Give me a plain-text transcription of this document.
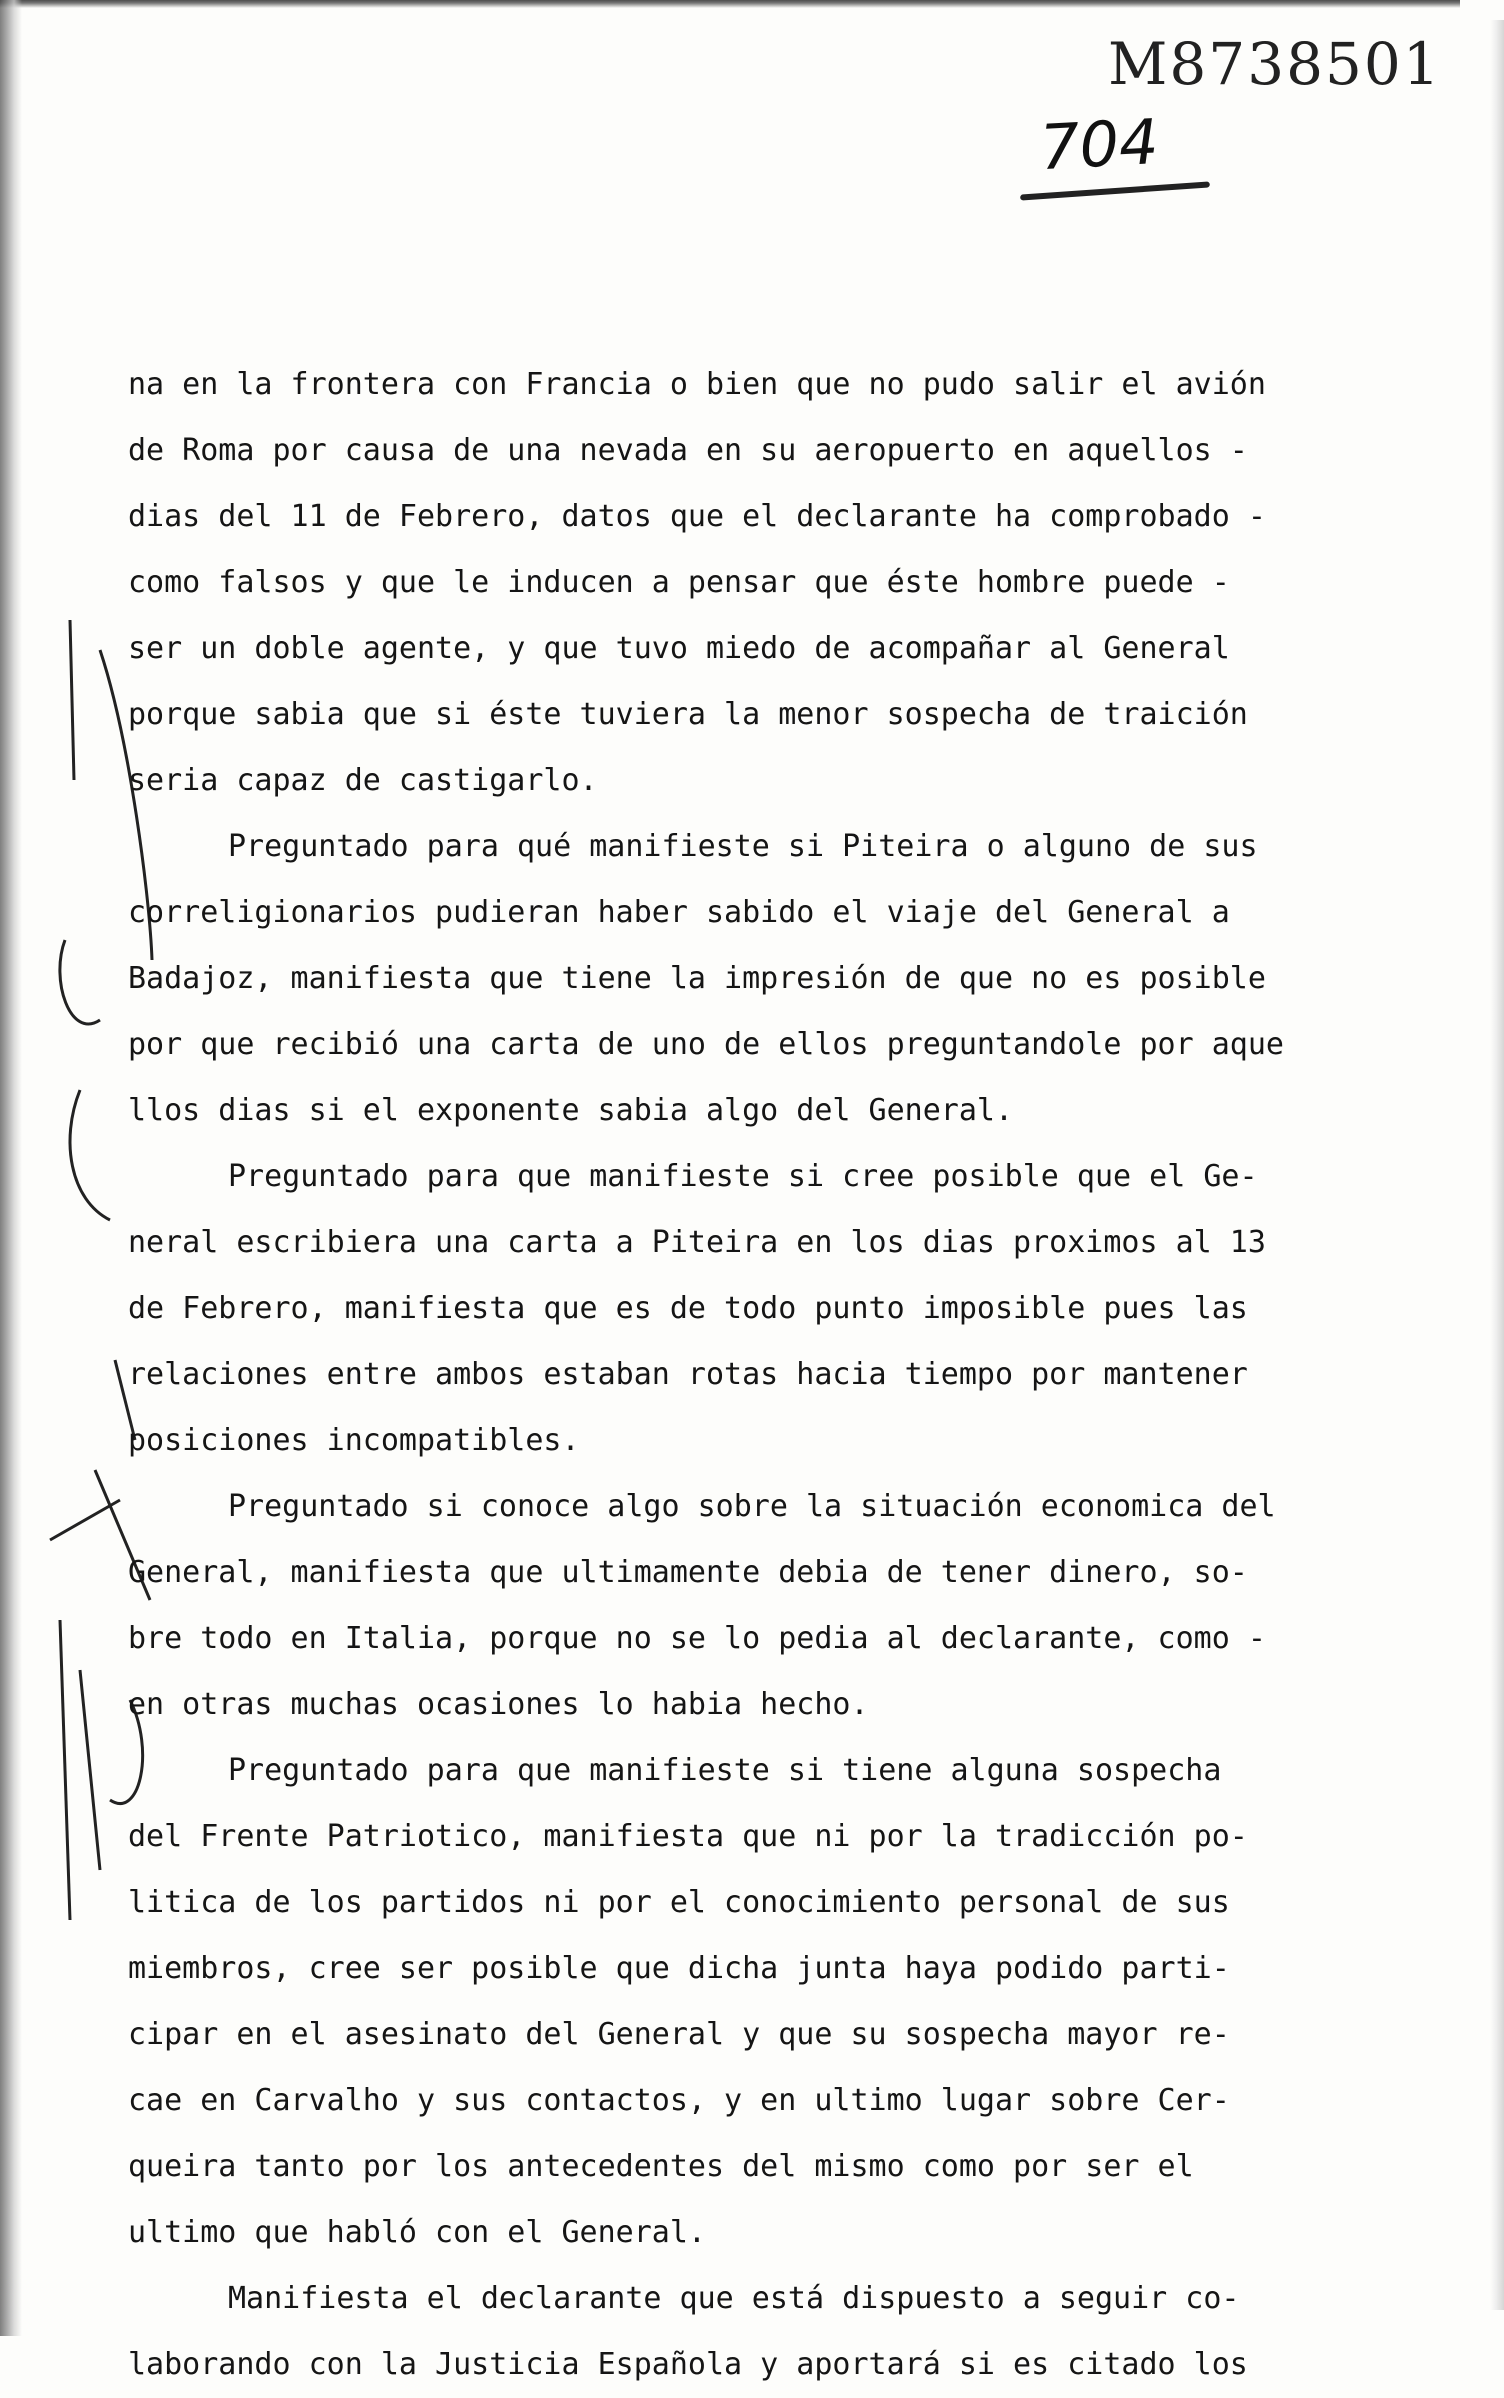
M8738501
704
na en la frontera con Francia o bien que no pudo salir el avión
de Roma por causa de una nevada en su aeropuerto en aquellos -
dias del 11 de Febrero, datos que el declarante ha comprobado -
como falsos y que le inducen a pensar que éste hombre puede -
ser un doble agente, y que tuvo miedo de acompañar al General
porque sabia que si éste tuviera la menor sospecha de traición
seria capaz de castigarlo.
Preguntado para qué manifieste si Piteira o alguno de sus
correligionarios pudieran haber sabido el viaje del General a
Badajoz, manifiesta que tiene la impresión de que no es posible
por que recibió una carta de uno de ellos preguntandole por aque
llos dias si el exponente sabia algo del General.
Preguntado para que manifieste si cree posible que el Ge-
neral escribiera una carta a Piteira en los dias proximos al 13
de Febrero, manifiesta que es de todo punto imposible pues las
relaciones entre ambos estaban rotas hacia tiempo por mantener
posiciones incompatibles.
Preguntado si conoce algo sobre la situación economica del
General, manifiesta que ultimamente debia de tener dinero, so-
bre todo en Italia, porque no se lo pedia al declarante, como -
en otras muchas ocasiones lo habia hecho.
Preguntado para que manifieste si tiene alguna sospecha
del Frente Patriotico, manifiesta que ni por la tradicción po-
litica de los partidos ni por el conocimiento personal de sus
miembros, cree ser posible que dicha junta haya podido parti-
cipar en el asesinato del General y que su sospecha mayor re-
cae en Carvalho y sus contactos, y en ultimo lugar sobre Cer-
queira tanto por los antecedentes del mismo como por ser el
ultimo que habló con el General.
Manifiesta el declarante que está dispuesto a seguir co-
laborando con la Justicia Española y aportará si es citado los
